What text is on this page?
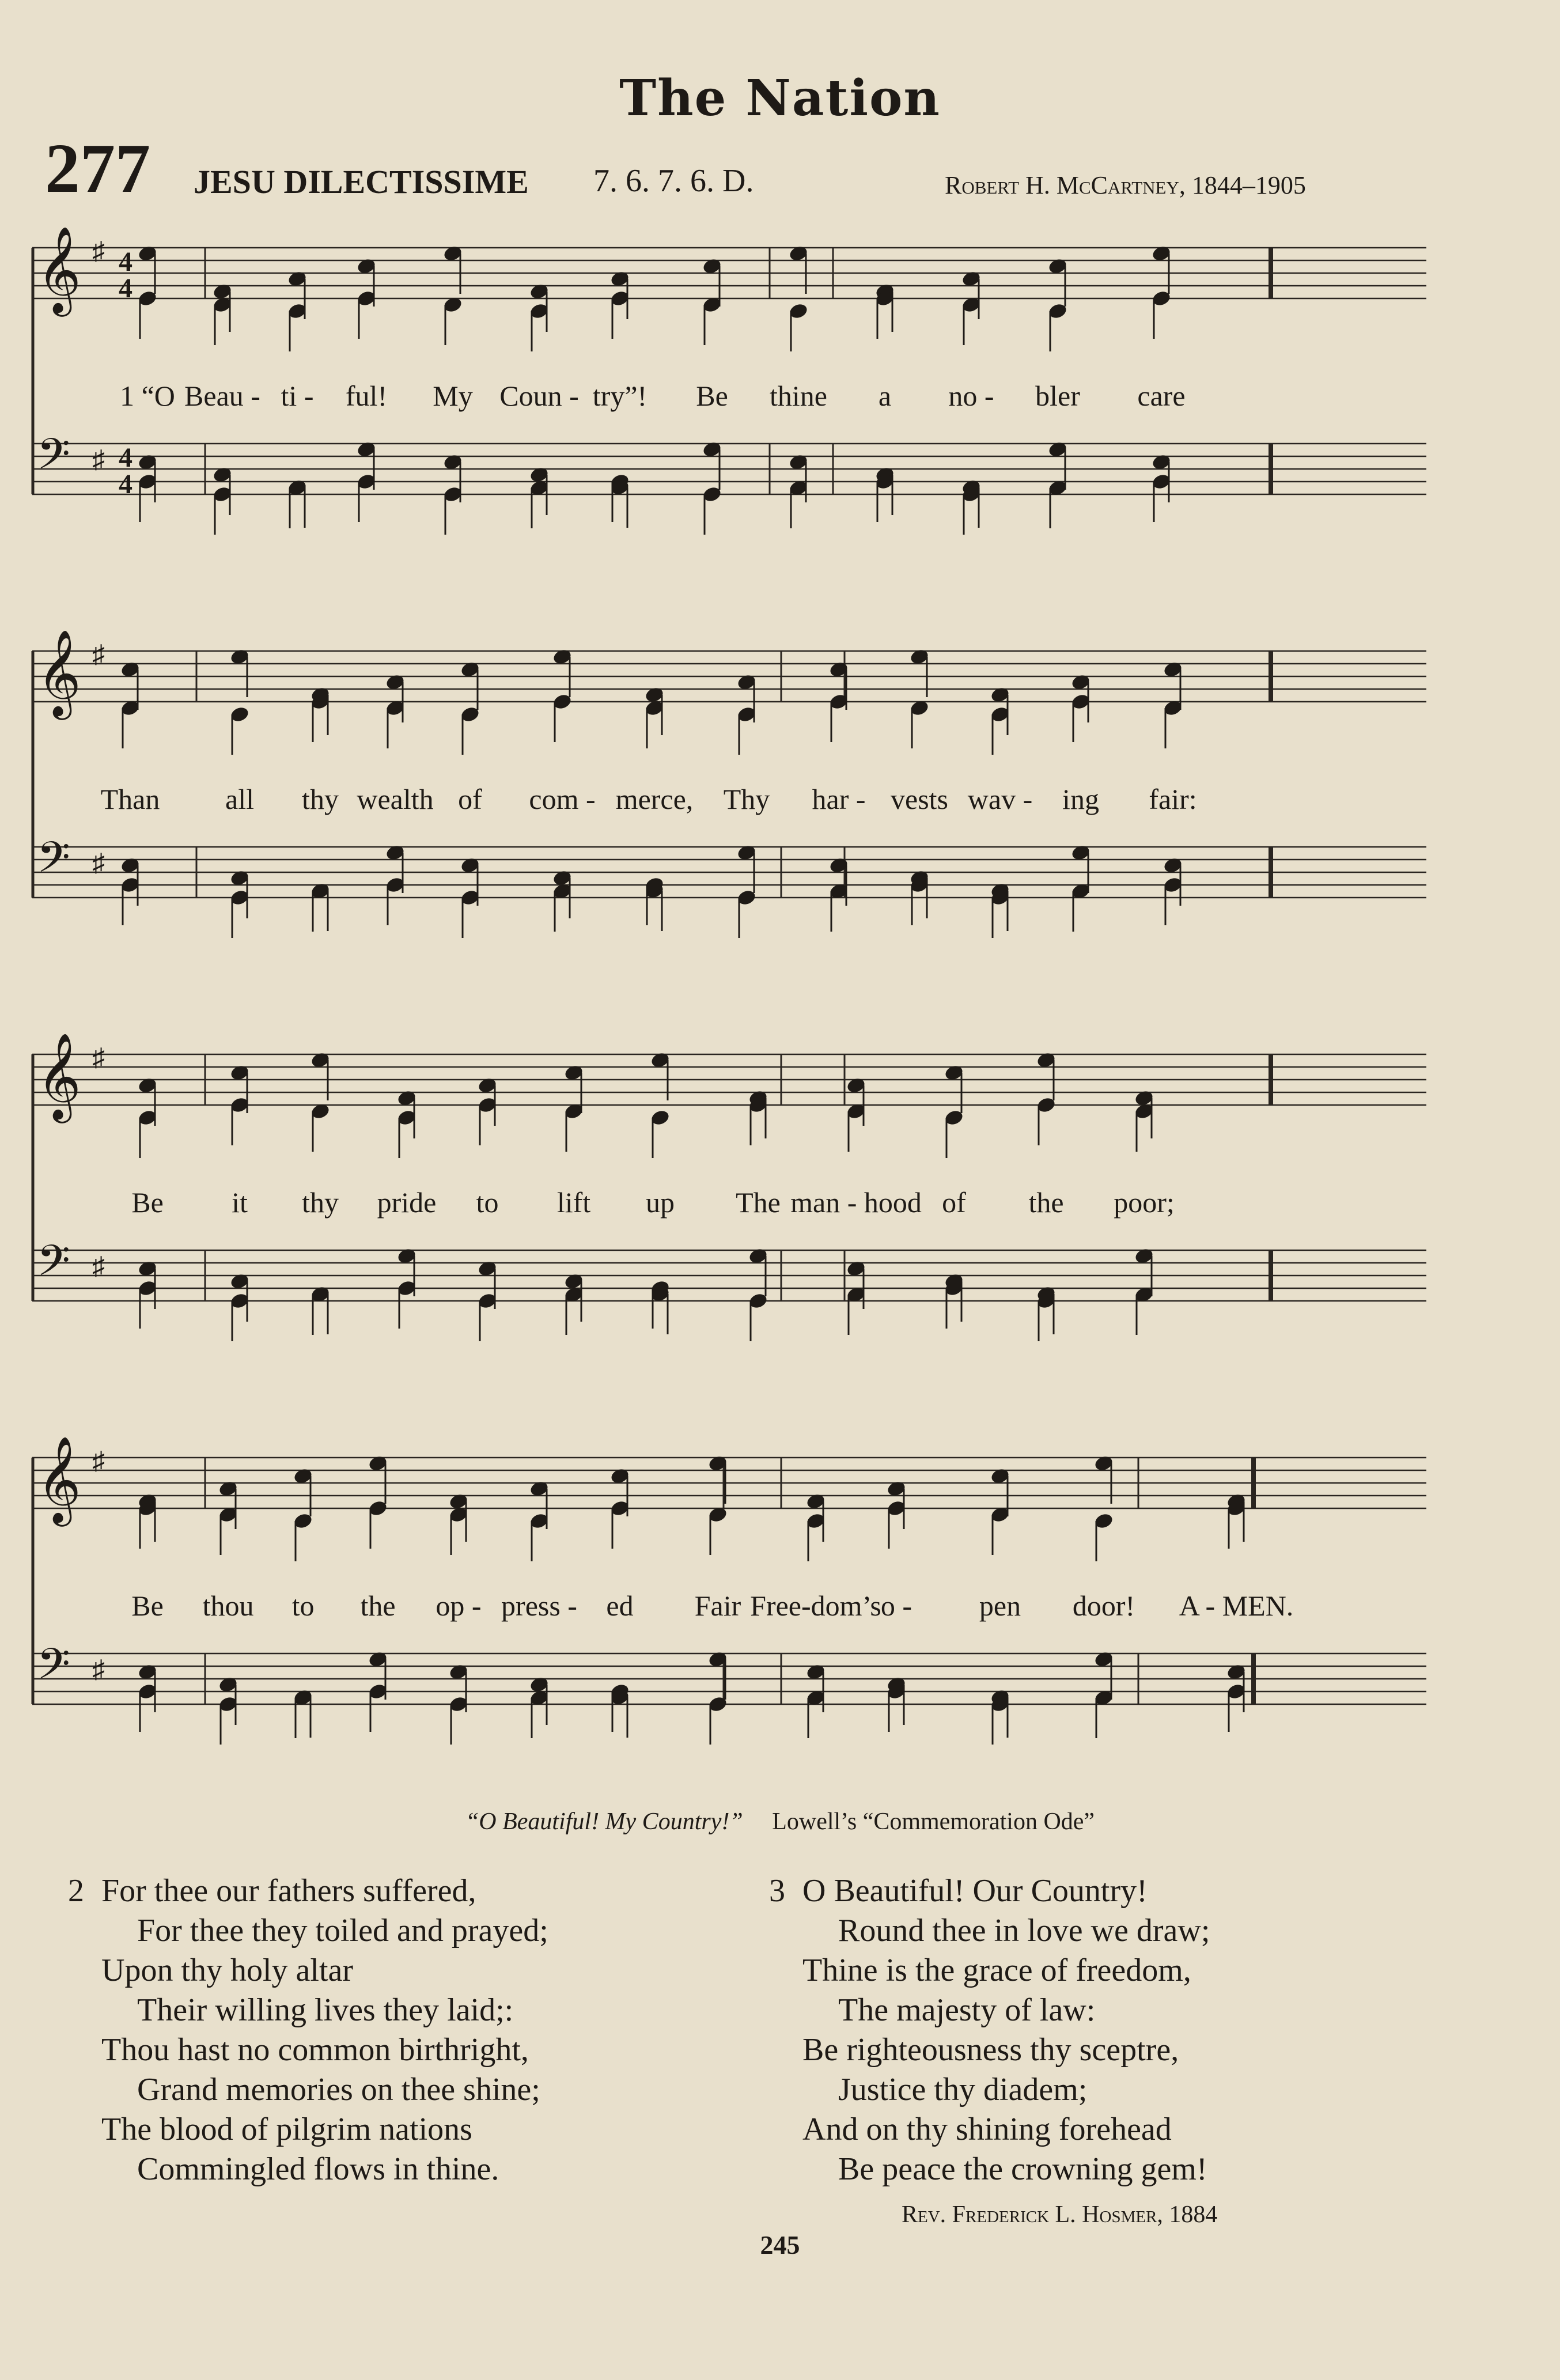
The Nation
277 JESU DILECTISSIME 7. 6. 7. 6. D.	Robert H. McCartney, 1844–1905
𝄞 ♯ 4
4
𝄢 ♯ 4
4
1 “O Beau - ti - ful! My Coun - try”! Be thine a no - bler care
𝄞 ♯
𝄢 ♯
Than all thy wealth of com - merce, Thy har - vests wav - ing fair:
𝄞 ♯
𝄢 ♯
Be it thy pride to lift up The man - hood of the poor;
𝄞 ♯
𝄢 ♯
Be thou to the op - press - ed Fair Free-dom’s o - pen door! A - MEN.
“O Beautiful! My Country!” Lowell’s “Commemoration Ode”
2 For thee our fathers suffered,
For thee they toiled and prayed;
Upon thy holy altar
Their willing lives they laid;:
Thou hast no common birthright,
Grand memories on thee shine;
The blood of pilgrim nations
Commingled flows in thine.
3 O Beautiful! Our Country!
Round thee in love we draw;
Thine is the grace of freedom,
The majesty of law:
Be righteousness thy sceptre,
Justice thy diadem;
And on thy shining forehead
Be peace the crowning gem!
Rev. Frederick L. Hosmer, 1884
245
